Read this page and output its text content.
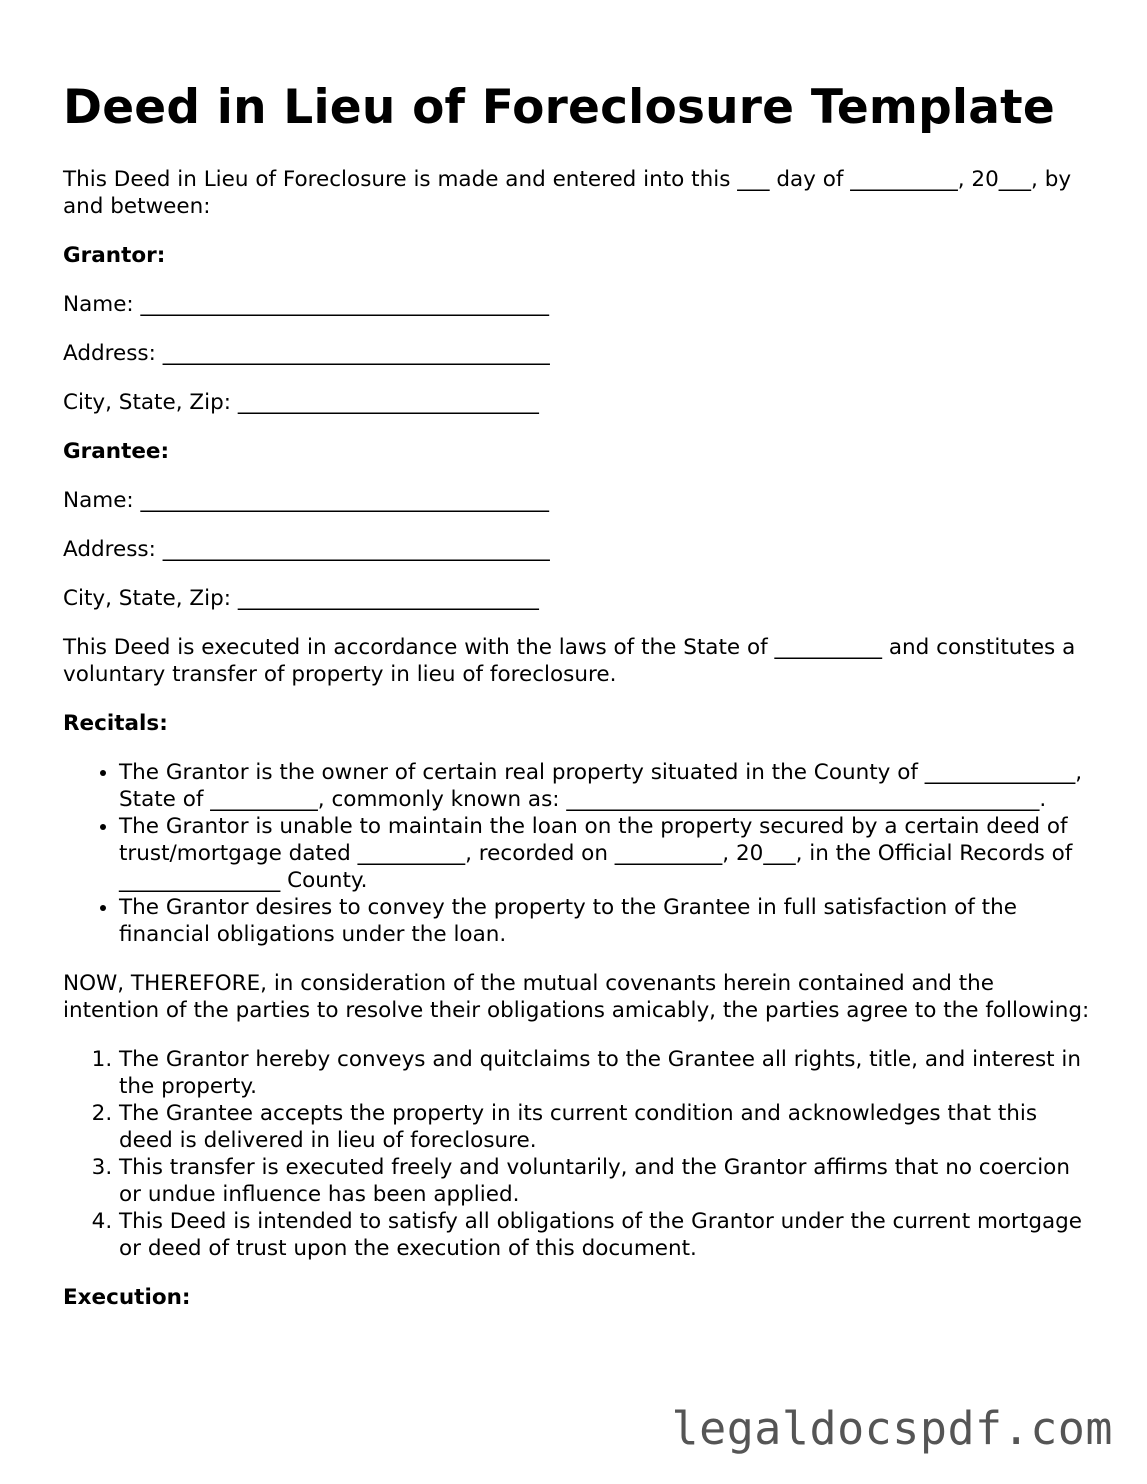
Deed in Lieu of Foreclosure Template

This Deed in Lieu of Foreclosure is made and entered into this ___ day of __________, 20___, by and between:

Grantor:

Name: ______________________________________

Address: ____________________________________

City, State, Zip: ____________________________

Grantee:

Name: ______________________________________

Address: ____________________________________

City, State, Zip: ____________________________

This Deed is executed in accordance with the laws of the State of __________ and constitutes a voluntary transfer of property in lieu of foreclosure.

Recitals:

• The Grantor is the owner of certain real property situated in the County of ______________, State of __________, commonly known as: ____________________________________________.
• The Grantor is unable to maintain the loan on the property secured by a certain deed of trust/mortgage dated __________, recorded on __________, 20___, in the Official Records of _______________ County.
• The Grantor desires to convey the property to the Grantee in full satisfaction of the financial obligations under the loan.

NOW, THEREFORE, in consideration of the mutual covenants herein contained and the intention of the parties to resolve their obligations amicably, the parties agree to the following:

1. The Grantor hereby conveys and quitclaims to the Grantee all rights, title, and interest in the property.
2. The Grantee accepts the property in its current condition and acknowledges that this deed is delivered in lieu of foreclosure.
3. This transfer is executed freely and voluntarily, and the Grantor affirms that no coercion or undue influence has been applied.
4. This Deed is intended to satisfy all obligations of the Grantor under the current mortgage or deed of trust upon the execution of this document.

Execution:

legaldocspdf.com
